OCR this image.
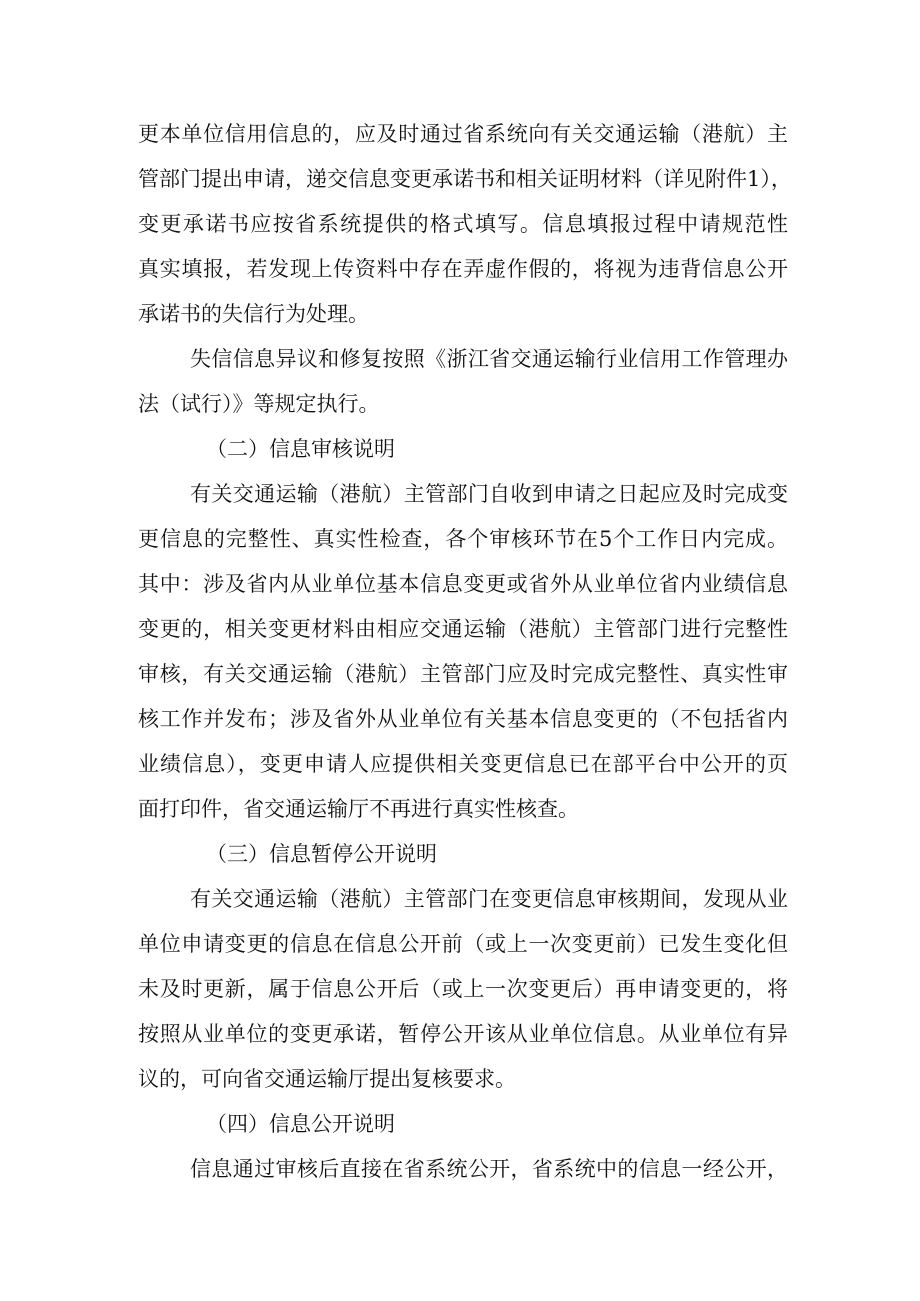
更本单位信用信息的，应及时通过省系统向有关交通运输（港航）主
管部门提出申请，递交信息变更承诺书和相关证明材料（详见附件1），
变更承诺书应按省系统提供的格式填写。信息填报过程中请规范性
真实填报，若发现上传资料中存在弄虚作假的，将视为违背信息公开
承诺书的失信行为处理。
失信信息异议和修复按照《浙江省交通运输行业信用工作管理办
法（试行）》等规定执行。
（二）信息审核说明
有关交通运输（港航）主管部门自收到申请之日起应及时完成变
更信息的完整性、真实性检查，各个审核环节在5个工作日内完成。
其中：涉及省内从业单位基本信息变更或省外从业单位省内业绩信息
变更的，相关变更材料由相应交通运输（港航）主管部门进行完整性
审核，有关交通运输（港航）主管部门应及时完成完整性、真实性审
核工作并发布；涉及省外从业单位有关基本信息变更的（不包括省内
业绩信息），变更申请人应提供相关变更信息已在部平台中公开的页
面打印件，省交通运输厅不再进行真实性核查。
（三）信息暂停公开说明
有关交通运输（港航）主管部门在变更信息审核期间，发现从业
单位申请变更的信息在信息公开前（或上一次变更前）已发生变化但
未及时更新，属于信息公开后（或上一次变更后）再申请变更的，将
按照从业单位的变更承诺，暂停公开该从业单位信息。从业单位有异
议的，可向省交通运输厅提出复核要求。
（四）信息公开说明
信息通过审核后直接在省系统公开，省系统中的信息一经公开，
